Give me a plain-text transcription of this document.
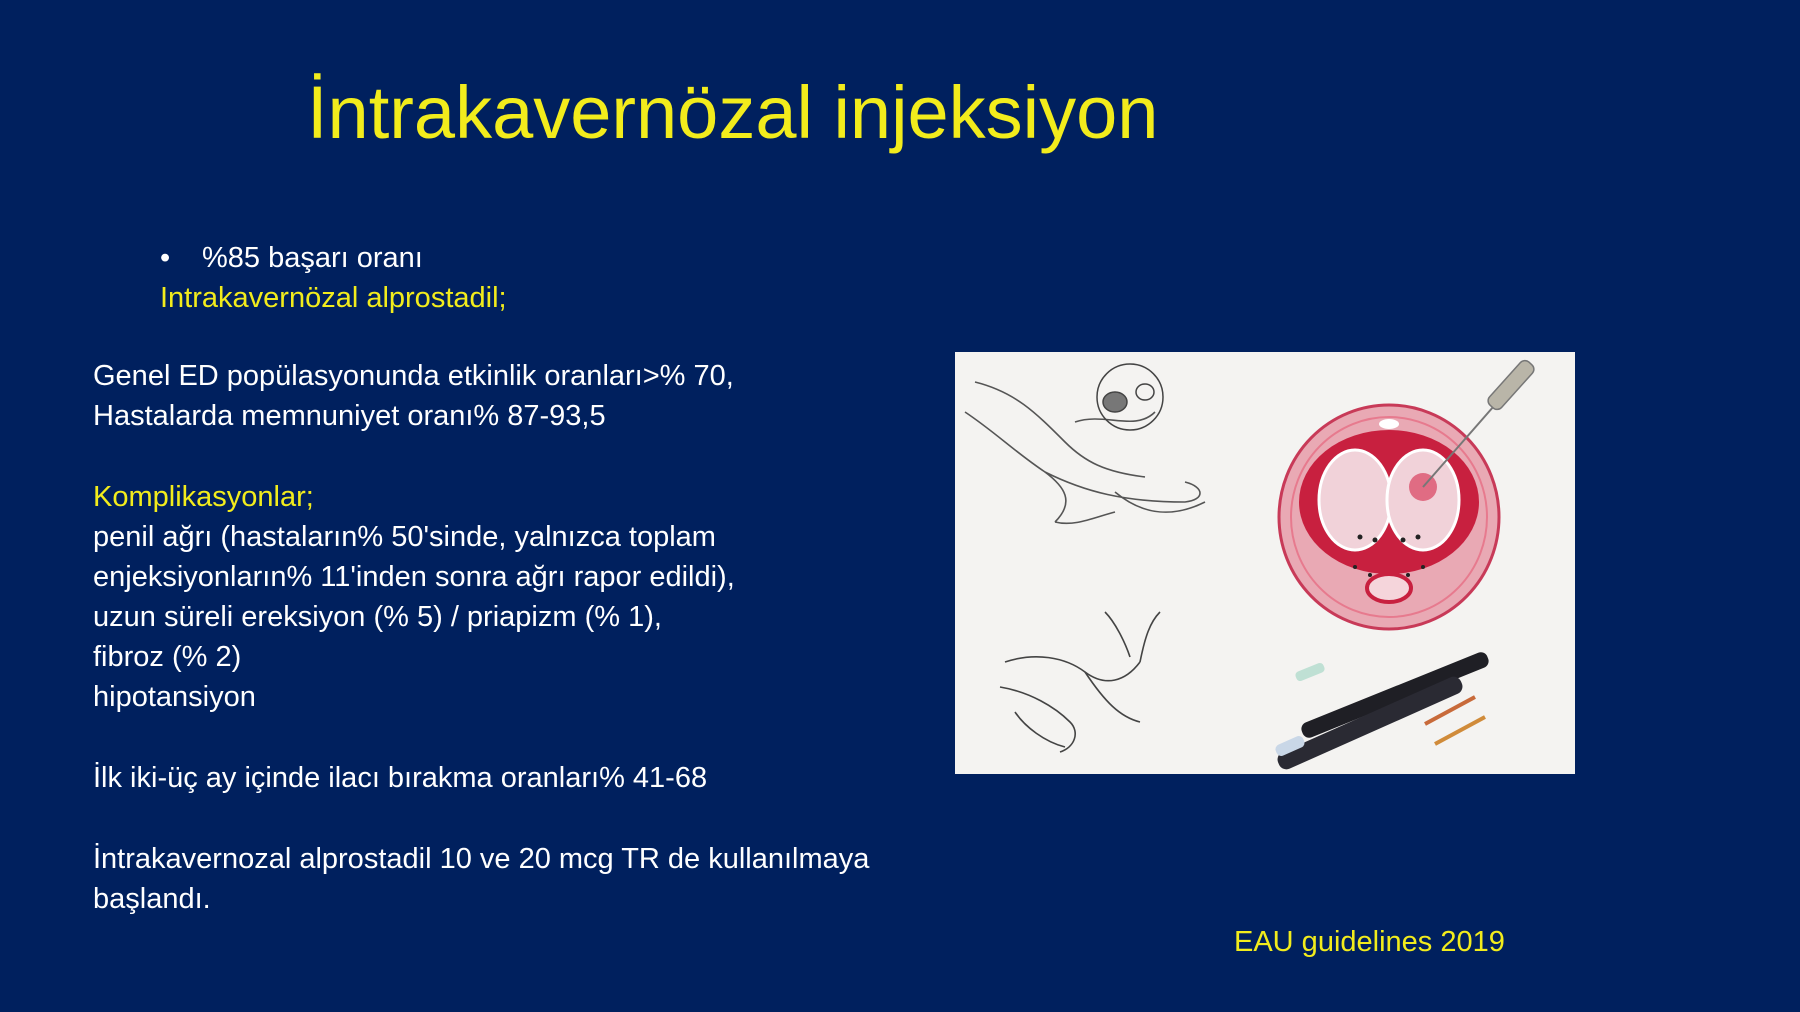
İntrakavernözal injeksiyon
• %85 başarı oranı
Intrakavernözal alprostadil;
Genel ED popülasyonunda etkinlik oranları>% 70,
Hastalarda memnuniyet oranı% 87-93,5
Komplikasyonlar;
penil ağrı (hastaların% 50'sinde, yalnızca toplam
enjeksiyonların% 11'inden sonra ağrı rapor edildi),
uzun süreli ereksiyon (% 5) / priapizm (% 1),
fibroz (% 2)
hipotansiyon
İlk iki-üç ay içinde ilacı bırakma oranları% 41-68
İntrakavernozal alprostadil 10 ve 20 mcg TR de kullanılmaya
başlandı.
EAU guidelines 2019
